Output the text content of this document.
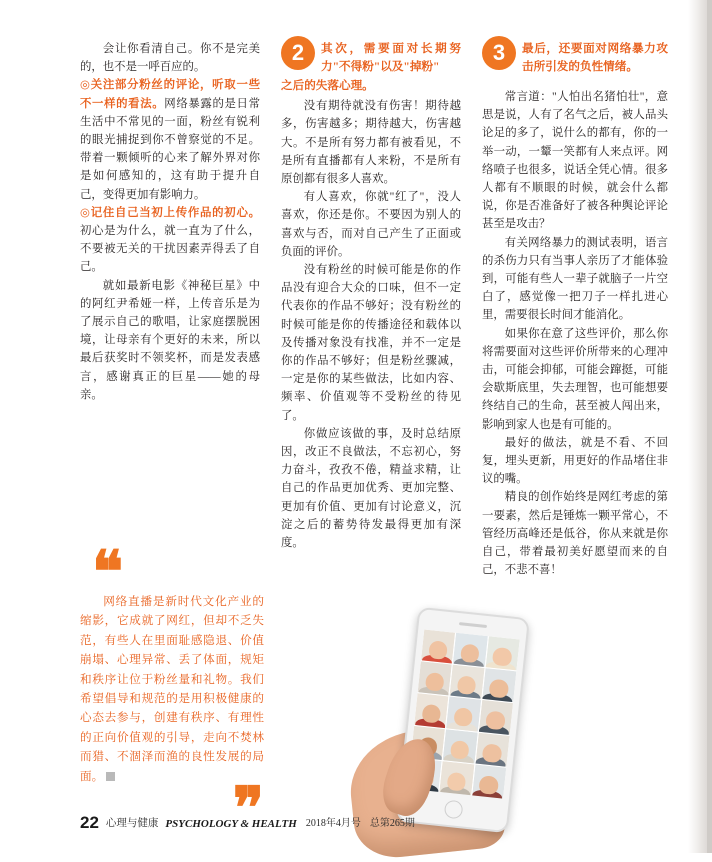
会让你看清自己。你不是完美的，也不是一呼百应的。

◎关注部分粉丝的评论，听取一些不一样的看法。网络暴露的是日常生活中不常见的一面，粉丝有锐利的眼光捕捉到你不曾察觉的不足。带着一颗倾听的心来了解外界对你是如何感知的，这有助于提升自己，变得更加有影响力。

◎记住自己当初上传作品的初心。初心是为什么，就一直为了什么，不要被无关的干扰因素弄得丢了自己。

就如最新电影《神秘巨星》中的阿红尹希娅一样，上传音乐是为了展示自己的歌唱，让家庭摆脱困境，让母亲有个更好的未来，所以最后获奖时不领奖杯，而是发表感言，感谢真正的巨星——她的母亲。

2	其次，需要面对长期努力"不得粉"以及"掉粉"
之后的失落心理。

没有期待就没有伤害！期待越多，伤害越多；期待越大，伤害越大。不是所有努力都有被看见，不是所有直播都有人来粉，不是所有原创都有很多人喜欢。

有人喜欢，你就"红了"，没人喜欢，你还是你。不要因为别人的喜欢与否，而对自己产生了正面或负面的评价。

没有粉丝的时候可能是你的作品没有迎合大众的口味，但不一定代表你的作品不够好；没有粉丝的时候可能是你的传播途径和载体以及传播对象没有找准，并不一定是你的作品不够好；但是粉丝骤减，一定是你的某些做法，比如内容、频率、价值观等不受粉丝的待见了。

你做应该做的事，及时总结原因，改正不良做法，不忘初心，努力奋斗，孜孜不倦，精益求精，让自己的作品更加优秀、更加完整、更加有价值、更加有讨论意义，沉淀之后的蓄势待发最得更加有深度。

3	最后，还要面对网络暴力攻击所引发的负性情绪。

常言道："人怕出名猪怕壮"，意思是说，人有了名气之后，被人品头论足的多了，说什么的都有，你的一举一动，一颦一笑都有人来点评。网络喷子也很多，说话全凭心情。很多人都有不顺眼的时候，就会什么都说，你是否准备好了被各种舆论评论甚至是攻击？

有关网络暴力的测试表明，语言的杀伤力只有当事人亲历了才能体验到，可能有些人一辈子就脑子一片空白了，感觉像一把刀子一样扎进心里，需要很长时间才能消化。

如果你在意了这些评价，那么你将需要面对这些评价所带来的心理冲击，可能会抑郁，可能会蹿挺，可能会歇斯底里，失去理智，也可能想要终结自己的生命，甚至被人闯出来，影响到家人也是有可能的。

最好的做法，就是不看、不回复，埋头更新，用更好的作品堵住非议的嘴。

精良的创作始终是网红考虑的第一要素，然后是锤炼一颗平常心，不管经历高峰还是低谷，你从来就是你自己，带着最初美好愿望而来的自己，不悲不喜！

❝
网络直播是新时代文化产业的缩影，它成就了网红，但却不乏失范，有些人在里面耻感隐退、价值崩塌、心理异常、丢了体面，规矩和秩序让位于粉丝量和礼物。我们希望倡导和规范的是用积极健康的心态去参与，创建有秩序、有理性的正向价值观的引导，走向不焚林而猎、不涸泽而渔的良性发展的局面。	❞
22 心理与健康 PSYCHOLOGY & HEALTH 2018年4月号 总第265期
